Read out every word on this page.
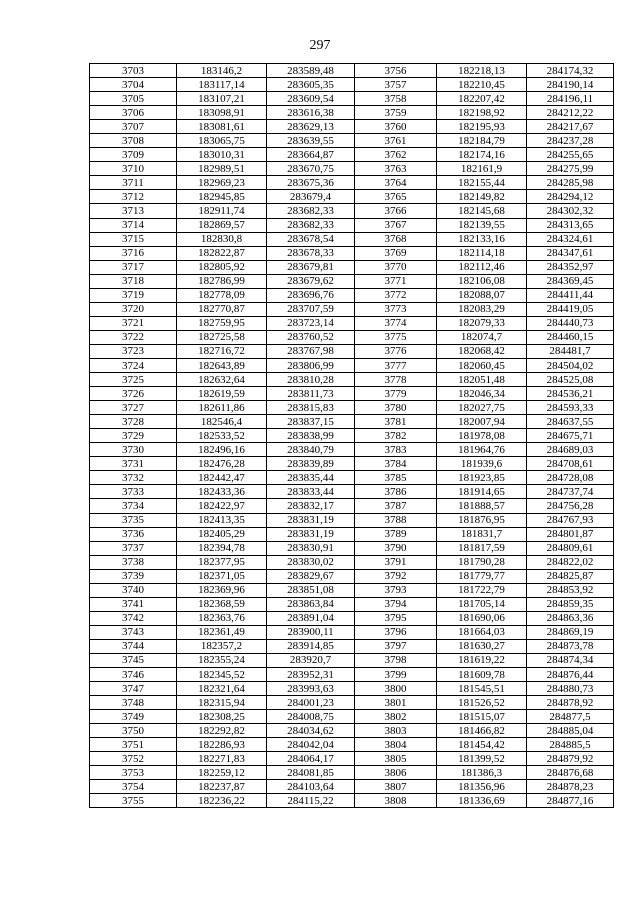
297
3703	183146,2	283589,48	3756	182218,13	284174,32
3704	183117,14	283605,35	3757	182210,45	284190,14
3705	183107,21	283609,54	3758	182207,42	284196,11
3706	183098,91	283616,38	3759	182198,92	284212,22
3707	183081,61	283629,13	3760	182195,93	284217,67
3708	183065,75	283639,55	3761	182184,79	284237,28
3709	183010,31	283664,87	3762	182174,16	284255,65
3710	182989,51	283670,75	3763	182161,9	284275,99
3711	182969,23	283675,36	3764	182155,44	284285,98
3712	182945,85	283679,4	3765	182149,82	284294,12
3713	182911,74	283682,33	3766	182145,68	284302,32
3714	182869,57	283682,33	3767	182139,55	284313,65
3715	182830,8	283678,54	3768	182133,16	284324,61
3716	182822,87	283678,33	3769	182114,18	284347,61
3717	182805,92	283679,81	3770	182112,46	284352,97
3718	182786,99	283679,62	3771	182106,08	284369,45
3719	182778,09	283696,76	3772	182088,07	284411,44
3720	182770,87	283707,59	3773	182083,29	284419,05
3721	182759,95	283723,14	3774	182079,33	284440,73
3722	182725,58	283760,52	3775	182074,7	284460,15
3723	182716,72	283767,98	3776	182068,42	284481,7
3724	182643,89	283806,99	3777	182060,45	284504,02
3725	182632,64	283810,28	3778	182051,48	284525,08
3726	182619,59	283811,73	3779	182046,34	284536,21
3727	182611,86	283815,83	3780	182027,75	284593,33
3728	182546,4	283837,15	3781	182007,94	284637,55
3729	182533,52	283838,99	3782	181978,08	284675,71
3730	182496,16	283840,79	3783	181964,76	284689,03
3731	182476,28	283839,89	3784	181939,6	284708,61
3732	182442,47	283835,44	3785	181923,85	284728,08
3733	182433,36	283833,44	3786	181914,65	284737,74
3734	182422,97	283832,17	3787	181888,57	284756,28
3735	182413,35	283831,19	3788	181876,95	284767,93
3736	182405,29	283831,19	3789	181831,7	284801,87
3737	182394,78	283830,91	3790	181817,59	284809,61
3738	182377,95	283830,02	3791	181790,28	284822,02
3739	182371,05	283829,67	3792	181779,77	284825,87
3740	182369,96	283851,08	3793	181722,79	284853,92
3741	182368,59	283863,84	3794	181705,14	284859,35
3742	182363,76	283891,04	3795	181690,06	284863,36
3743	182361,49	283900,11	3796	181664,03	284869,19
3744	182357,2	283914,85	3797	181630,27	284873,78
3745	182355,24	283920,7	3798	181619,22	284874,34
3746	182345,52	283952,31	3799	181609,78	284876,44
3747	182321,64	283993,63	3800	181545,51	284880,73
3748	182315,94	284001,23	3801	181526,52	284878,92
3749	182308,25	284008,75	3802	181515,07	284877,5
3750	182292,82	284034,62	3803	181466,82	284885,04
3751	182286,93	284042,04	3804	181454,42	284885,5
3752	182271,83	284064,17	3805	181399,52	284879,92
3753	182259,12	284081,85	3806	181386,3	284876,68
3754	182237,87	284103,64	3807	181356,96	284878,23
3755	182236,22	284115,22	3808	181336,69	284877,16
